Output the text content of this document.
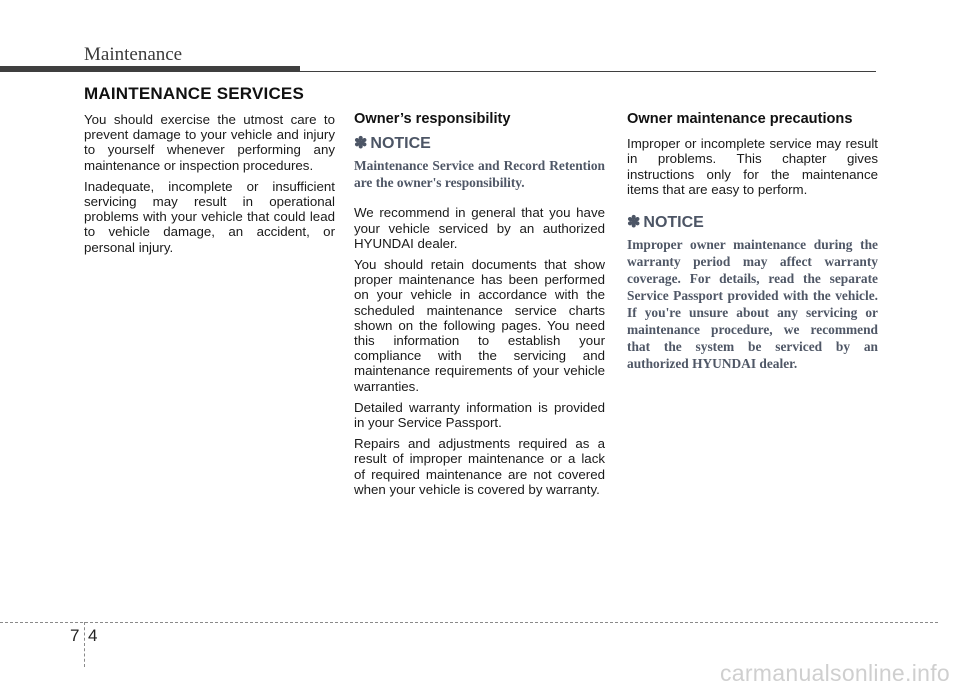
Maintenance
MAINTENANCE SERVICES

You should exercise the utmost care to prevent damage to your vehicle and injury to yourself whenever performing any maintenance or inspection procedures.

Inadequate, incomplete or insufficient servicing may result in operational problems with your vehicle that could lead to vehicle damage, an accident, or personal injury.

Owner’s responsibility
✽ NOTICE
Maintenance Service and Record Retention are the owner's responsibility.

We recommend in general that you have your vehicle serviced by an authorized HYUNDAI dealer.

You should retain documents that show proper maintenance has been performed on your vehicle in accordance with the scheduled maintenance service charts shown on the following pages. You need this information to establish your compliance with the servicing and maintenance requirements of your vehicle warranties.

Detailed warranty information is provided in your Service Passport.

Repairs and adjustments required as a result of improper maintenance or a lack of required maintenance are not covered when your vehicle is covered by warranty.

Owner maintenance precautions

Improper or incomplete service may result in problems. This chapter gives instructions only for the maintenance items that are easy to perform.

✽ NOTICE
Improper owner maintenance during the warranty period may affect warranty coverage. For details, read the separate Service Passport provided with the vehicle. If you're unsure about any servicing or maintenance procedure, we recommend that the system be serviced by an authorized HYUNDAI dealer.
7 4
carmanualsonline.info
